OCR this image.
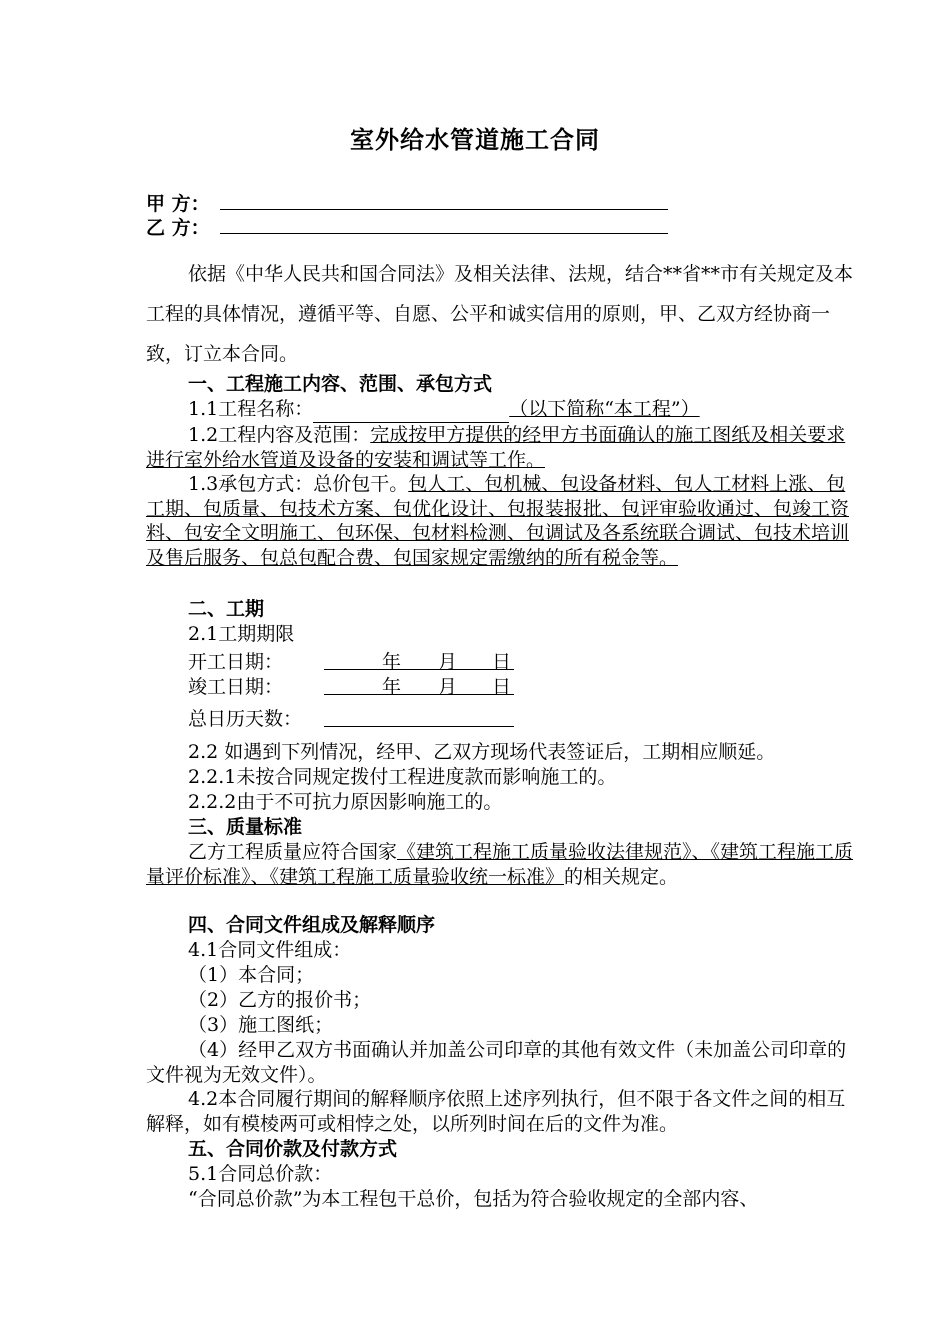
室外给水管道施工合同
甲 方：
乙 方：
依据《中华人民共和国合同法》及相关法律、法规，结合**省**市有关规定及本工程的具体情况，遵循平等、自愿、公平和诚实信用的原则，甲、乙双方经协商一致，订立本合同。
一、工程施工内容、范围、承包方式
1.1工程名称：	（以下简称“本工程”）
1.2工程内容及范围：完成按甲方提供的经甲方书面确认的施工图纸及相关要求进行室外给水管道及设备的安装和调试等工作。
1.3承包方式：总价包干。包人工、包机械、包设备材料、包人工材料上涨、包工期、包质量、包技术方案、包优化设计、包报装报批、包评审验收通过、包竣工资料、包安全文明施工、包环保、包材料检测、包调试及各系统联合调试、包技术培训及售后服务、包总包配合费、包国家规定需缴纳的所有税金等。
二、工期
2.1工期期限
开工日期：	年 月 日
竣工日期：	年 月 日
总日历天数：
2.2 如遇到下列情况，经甲、乙双方现场代表签证后，工期相应顺延。
2.2.1未按合同规定拨付工程进度款而影响施工的。
2.2.2由于不可抗力原因影响施工的。
三、质量标准
乙方工程质量应符合国家《建筑工程施工质量验收法律规范》、《建筑工程施工质量评价标准》、《建筑工程施工质量验收统一标准》的相关规定。
四、合同文件组成及解释顺序
4.1合同文件组成：
（1）本合同；
（2）乙方的报价书；
（3）施工图纸；
（4）经甲乙双方书面确认并加盖公司印章的其他有效文件（未加盖公司印章的文件视为无效文件）。
4.2本合同履行期间的解释顺序依照上述序列执行，但不限于各文件之间的相互解释，如有模棱两可或相悖之处，以所列时间在后的文件为准。
五、合同价款及付款方式
5.1合同总价款：
“合同总价款”为本工程包干总价，包括为符合验收规定的全部内容、
